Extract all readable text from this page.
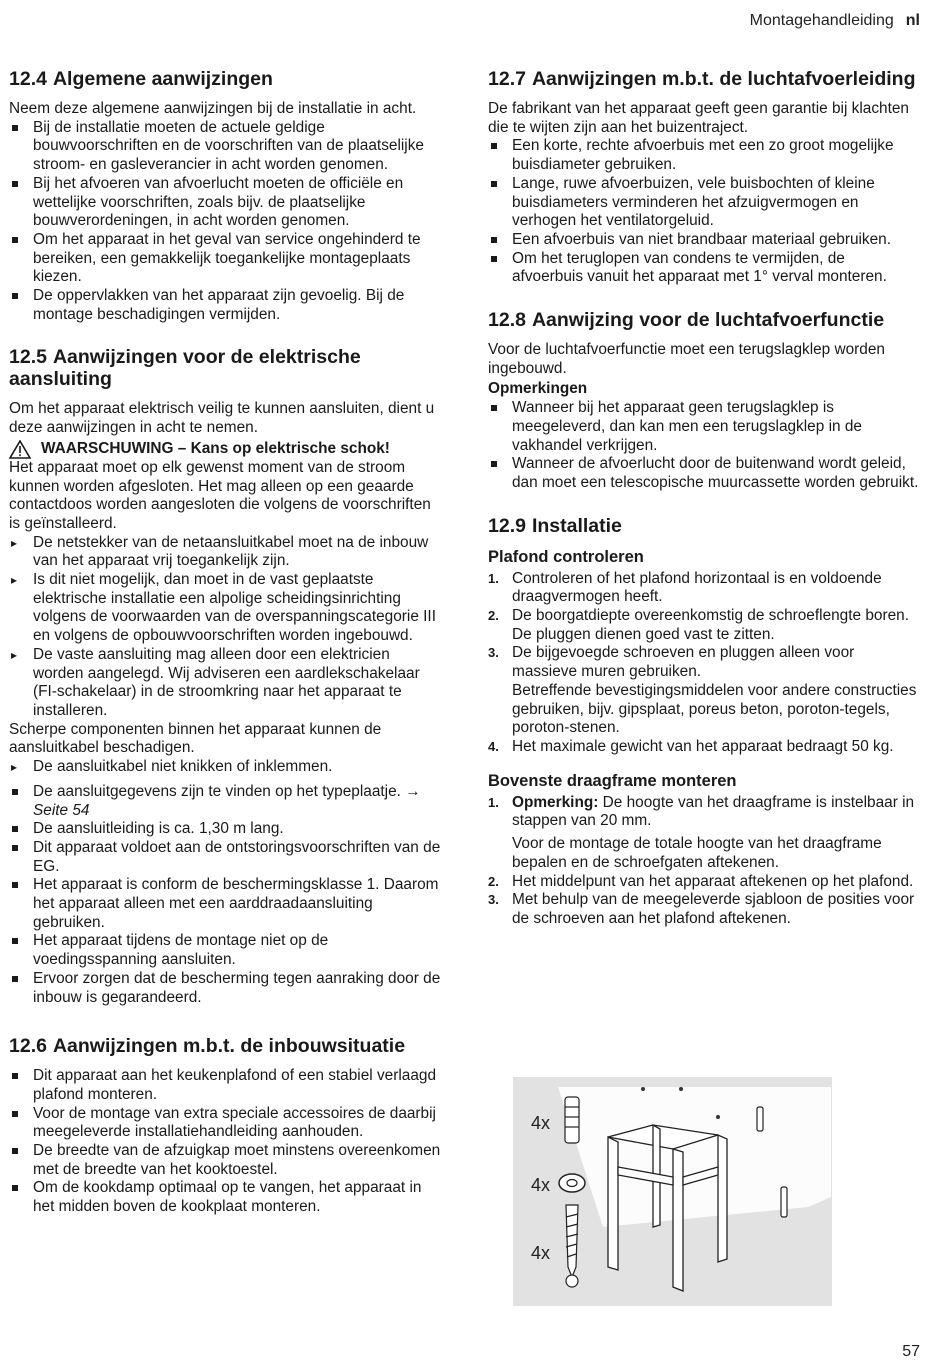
Montagehandleiding nl
12.4 Algemene aanwijzingen

Neem deze algemene aanwijzingen bij de installatie in acht.

Bij de installatie moeten de actuele geldige bouwvoorschriften en de voorschriften van de plaatselijke stroom- en gasleverancier in acht worden genomen.
Bij het afvoeren van afvoerlucht moeten de officiële en wettelijke voorschriften, zoals bijv. de plaatselijke bouwverordeningen, in acht worden genomen.
Om het apparaat in het geval van service ongehinderd te bereiken, een gemakkelijk toegankelijke montageplaats kiezen.
De oppervlakken van het apparaat zijn gevoelig. Bij de montage beschadigingen vermijden.
12.5 Aanwijzingen voor de elektrische aansluiting

Om het apparaat elektrisch veilig te kunnen aansluiten, dient u deze aanwijzingen in acht te nemen.

WAARSCHUWING – Kans op elektrische schok!

Het apparaat moet op elk gewenst moment van de stroom kunnen worden afgesloten. Het mag alleen op een geaarde contactdoos worden aangesloten die volgens de voorschriften is geïnstalleerd.

▸ De netstekker van de netaansluitkabel moet na de inbouw van het apparaat vrij toegankelijk zijn.
▸ Is dit niet mogelijk, dan moet in de vast geplaatste elektrische installatie een alpolige scheidingsinrichting volgens de voorwaarden van de overspanningscategorie III en volgens de opbouwvoorschriften worden ingebouwd.
▸ De vaste aansluiting mag alleen door een elektricien worden aangelegd. Wij adviseren een aardlekschakelaar (FI-schakelaar) in de stroomkring naar het apparaat te installeren.

Scherpe componenten binnen het apparaat kunnen de aansluitkabel beschadigen.

▸ De aansluitkabel niet knikken of inklemmen.
De aansluitgegevens zijn te vinden op het typeplaatje. → Seite 54
De aansluitleiding is ca. 1,30 m lang.
Dit apparaat voldoet aan de ontstoringsvoorschriften van de EG.
Het apparaat is conform de beschermingsklasse 1. Daarom het apparaat alleen met een aarddraadaansluiting gebruiken.
Het apparaat tijdens de montage niet op de voedingsspanning aansluiten.
Ervoor zorgen dat de bescherming tegen aanraking door de inbouw is gegarandeerd.
12.6 Aanwijzingen m.b.t. de inbouwsituatie
Dit apparaat aan het keukenplafond of een stabiel verlaagd plafond monteren.
Voor de montage van extra speciale accessoires de daarbij meegeleverde installatiehandleiding aanhouden.
De breedte van de afzuigkap moet minstens overeenkomen met de breedte van het kooktoestel.
Om de kookdamp optimaal op te vangen, het apparaat in het midden boven de kookplaat monteren.
12.7 Aanwijzingen m.b.t. de luchtafvoerleiding

De fabrikant van het apparaat geeft geen garantie bij klachten die te wijten zijn aan het buizentraject.

Een korte, rechte afvoerbuis met een zo groot mogelijke buisdiameter gebruiken.
Lange, ruwe afvoerbuizen, vele buisbochten of kleine buisdiameters verminderen het afzuigvermogen en verhogen het ventilatorgeluid.
Een afvoerbuis van niet brandbaar materiaal gebruiken.
Om het teruglopen van condens te vermijden, de afvoerbuis vanuit het apparaat met 1° verval monteren.
12.8 Aanwijzing voor de luchtafvoerfunctie

Voor de luchtafvoerfunctie moet een terugslagklep worden ingebouwd.

Opmerkingen
Wanneer bij het apparaat geen terugslagklep is meegeleverd, dan kan men een terugslagklep in de vakhandel verkrijgen.
Wanneer de afvoerlucht door de buitenwand wordt geleid, dan moet een telescopische muurcassette worden gebruikt.
12.9 Installatie
Plafond controleren
1. Controleren of het plafond horizontaal is en voldoende draagvermogen heeft.
2. De boorgatdiepte overeenkomstig de schroeflengte boren.
De pluggen dienen goed vast te zitten.
3. De bijgevoegde schroeven en pluggen alleen voor massieve muren gebruiken.
Betreffende bevestigingsmiddelen voor andere constructies gebruiken, bijv. gipsplaat, poreus beton, poroton-tegels, poroton-stenen.
4. Het maximale gewicht van het apparaat bedraagt 50 kg.
Bovenste draagframe monteren
1. Opmerking: De hoogte van het draagframe is instelbaar in stappen van 20 mm.
Voor de montage de totale hoogte van het draagframe bepalen en de schroefgaten aftekenen.
2. Het middelpunt van het apparaat aftekenen op het plafond.
3. Met behulp van de meegeleverde sjabloon de posities voor de schroeven aan het plafond aftekenen.
4x
4x
4x
57
